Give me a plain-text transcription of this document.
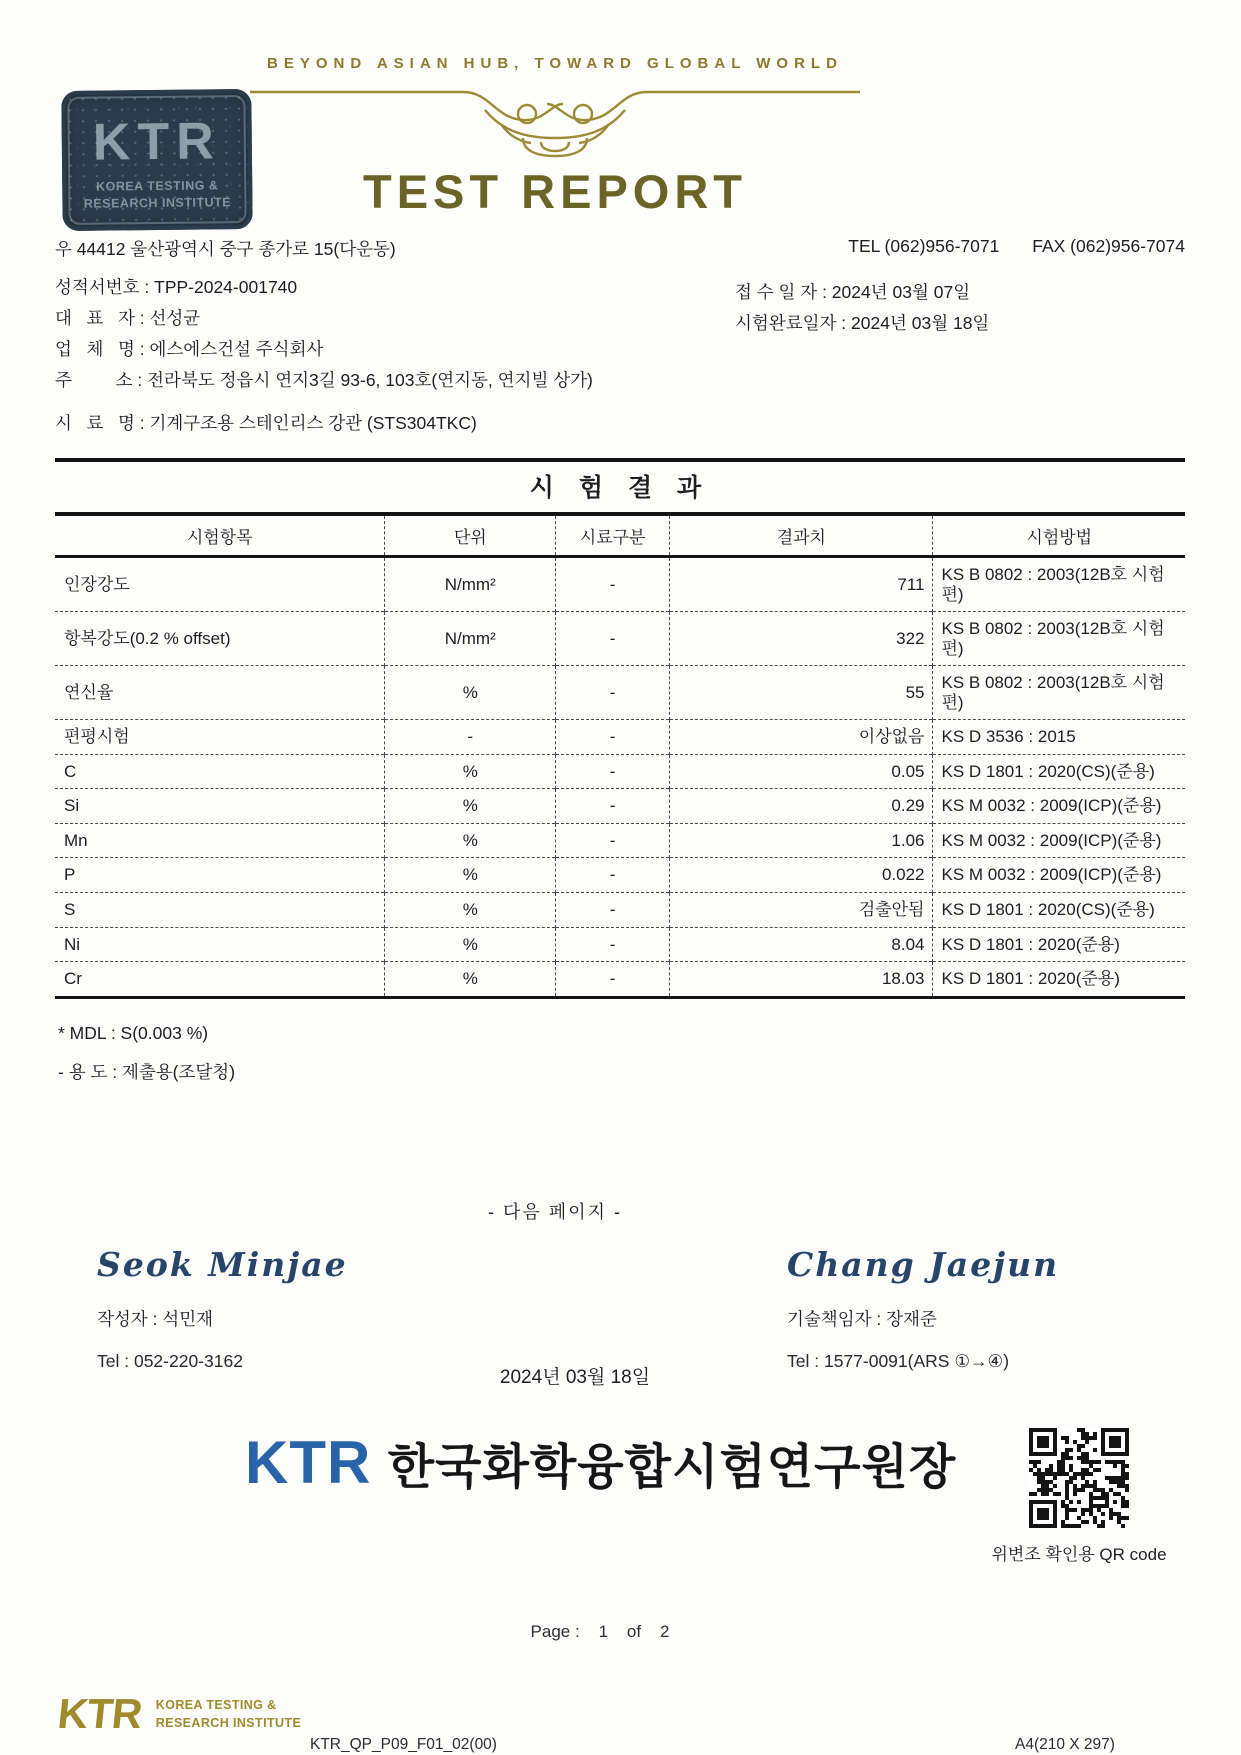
BEYOND ASIAN HUB, TOWARD GLOBAL WORLD
TEST REPORT
KTR
KOREA TESTING &
RESEARCH INSTITUTE
우 44412 울산광역시 중구 종가로 15(다운동)	TEL (062)956-7071 FAX (062)956-7074
성적서번호 : TPP-2024-001740
대   표   자 : 선성균
업   체   명 : 에스에스건설 주식회사
주         소 : 전라북도 정읍시 연지3길 93-6, 103호(연지동, 연지빌 상가)
접 수 일 자 : 2024년 03월 07일
시험완료일자 : 2024년 03월 18일
시   료   명 : 기계구조용 스테인리스 강관 (STS304TKC)
시 험 결 과
시험항목	단위	시료구분	결과치	시험방법
인장강도	N/mm²	-	711	KS B 0802 : 2003(12B호 시험편)
항복강도(0.2 % offset)	N/mm²	-	322	KS B 0802 : 2003(12B호 시험편)
연신율	%	-	55	KS B 0802 : 2003(12B호 시험편)
편평시험	-	-	이상없음	KS D 3536 : 2015
C	%	-	0.05	KS D 1801 : 2020(CS)(준용)
Si	%	-	0.29	KS M 0032 : 2009(ICP)(준용)
Mn	%	-	1.06	KS M 0032 : 2009(ICP)(준용)
P	%	-	0.022	KS M 0032 : 2009(ICP)(준용)
S	%	-	검출안됨	KS D 1801 : 2020(CS)(준용)
Ni	%	-	8.04	KS D 1801 : 2020(준용)
Cr	%	-	18.03	KS D 1801 : 2020(준용)
* MDL : S(0.003 %)
- 용 도 : 제출용(조달청)
- 다음 페이지 -
Seok Minjae
작성자 : 석민재
Tel : 052-220-3162
Chang Jaejun
기술책임자 : 장재준
Tel : 1577-0091(ARS ①→④)
2024년 03월 18일
KTR 한국화학융합시험연구원장
위변조 확인용 QR code
Page :    1    of    2
KTR KOREA TESTING &
RESEARCH INSTITUTE
KTR_QP_P09_F01_02(00)	A4(210 X 297)
